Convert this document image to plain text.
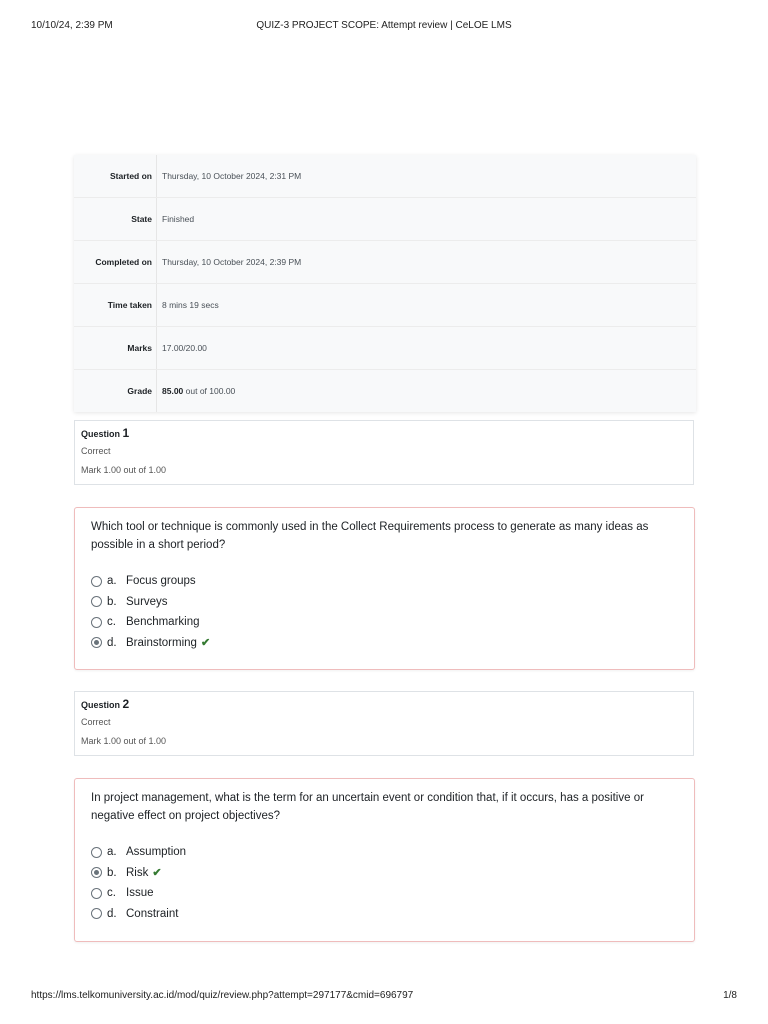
10/10/24, 2:39 PM	QUIZ-3 PROJECT SCOPE: Attempt review | CeLOE LMS
Started on	Thursday, 10 October 2024, 2:31 PM
State	Finished
Completed on	Thursday, 10 October 2024, 2:39 PM
Time taken	8 mins 19 secs
Marks	17.00/20.00
Grade	85.00 out of 100.00
Question 1
Correct
Mark 1.00 out of 1.00
Which tool or technique is commonly used in the Collect Requirements process to generate as many ideas as possible in a short period?
a. Focus groups
b. Surveys
c. Benchmarking
d. Brainstorming ✔
Question 2
Correct
Mark 1.00 out of 1.00
In project management, what is the term for an uncertain event or condition that, if it occurs, has a positive or negative effect on project objectives?
a. Assumption
b. Risk ✔
c. Issue
d. Constraint
https://lms.telkomuniversity.ac.id/mod/quiz/review.php?attempt=297177&cmid=696797	1/8
